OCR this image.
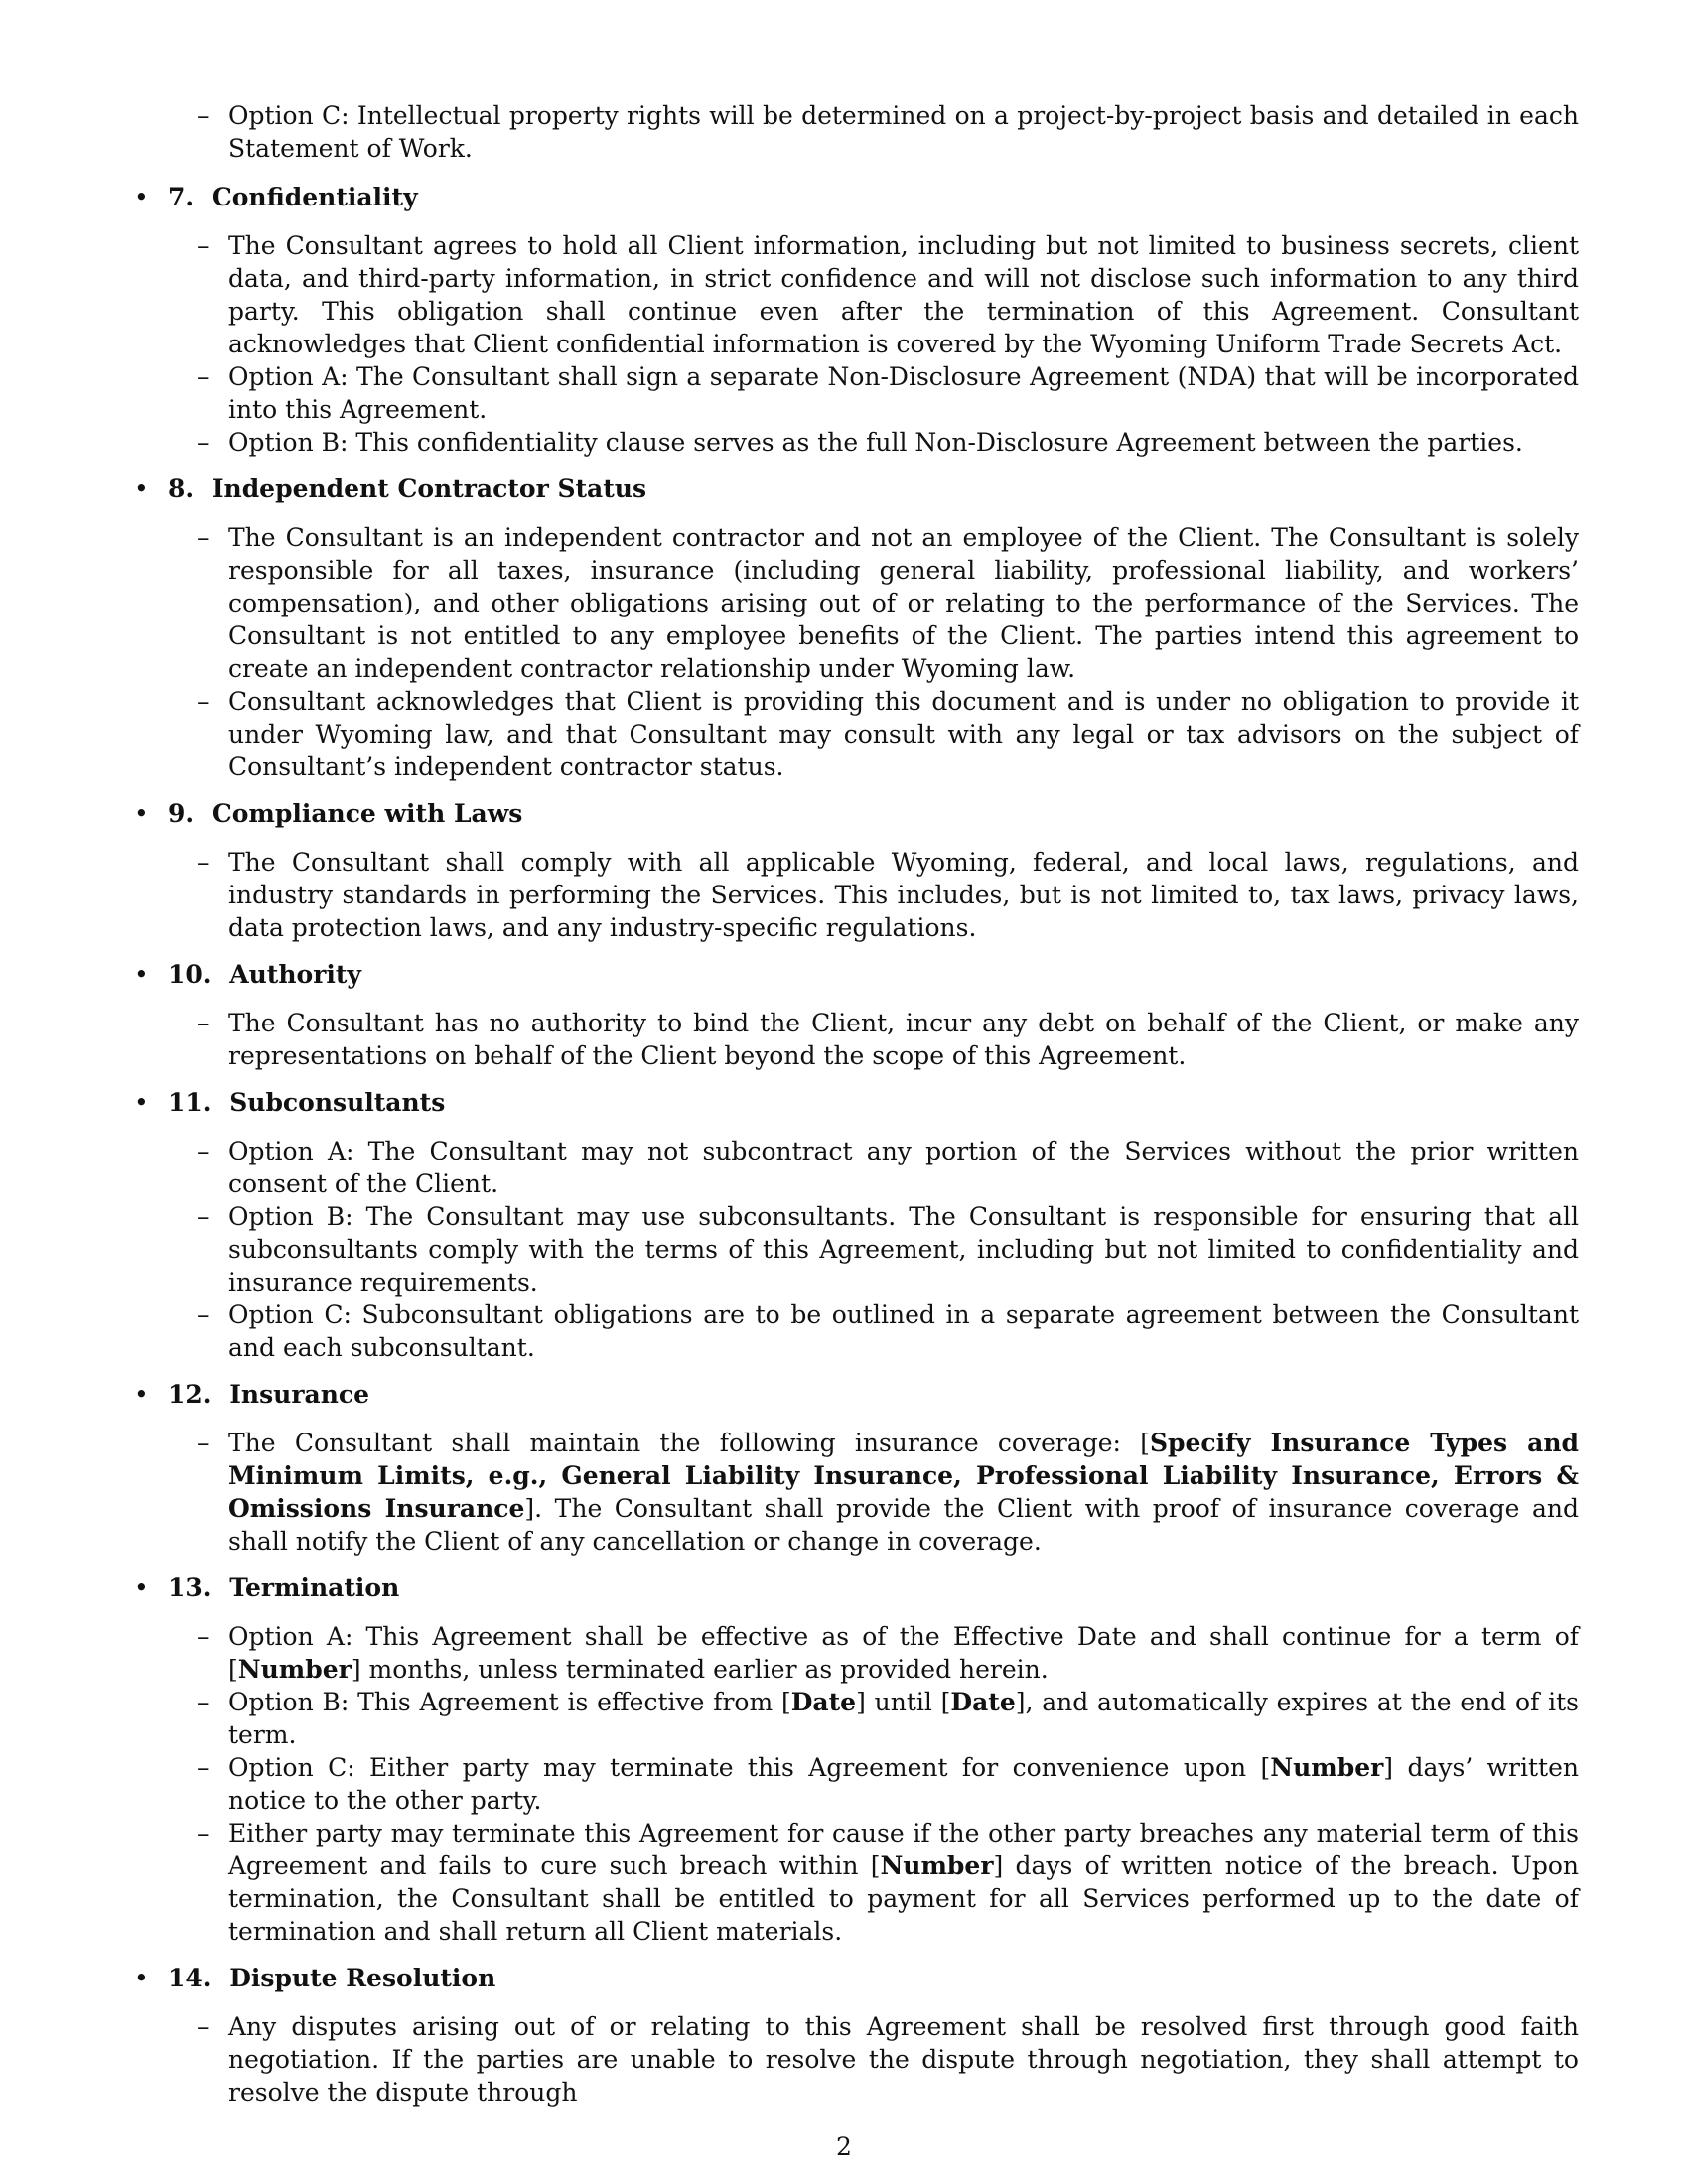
– Option C: Intellectual property rights will be determined on a project-by-project basis and detailed in each Statement of Work.
• 7. Confidentiality
– The Consultant agrees to hold all Client information, including but not limited to business secrets, client data, and third-party information, in strict confidence and will not disclose such information to any third party. This obligation shall continue even after the termination of this Agreement. Consultant acknowledges that Client confidential information is covered by the Wyoming Uniform Trade Secrets Act.
– Option A: The Consultant shall sign a separate Non-Disclosure Agreement (NDA) that will be incorporated into this Agreement.
– Option B: This confidentiality clause serves as the full Non-Disclosure Agreement between the parties.
• 8. Independent Contractor Status
– The Consultant is an independent contractor and not an employee of the Client. The Consultant is solely responsible for all taxes, insurance (including general liability, professional liability, and workers’ compensation), and other obligations arising out of or relating to the performance of the Services. The Consultant is not entitled to any employee benefits of the Client. The parties intend this agreement to create an independent contractor relationship under Wyoming law.
– Consultant acknowledges that Client is providing this document and is under no obligation to provide it under Wyoming law, and that Consultant may consult with any legal or tax advisors on the subject of Consultant’s independent contractor status.
• 9. Compliance with Laws
– The Consultant shall comply with all applicable Wyoming, federal, and local laws, regulations, and industry standards in performing the Services. This includes, but is not limited to, tax laws, privacy laws, data protection laws, and any industry-specific regulations.
• 10. Authority
– The Consultant has no authority to bind the Client, incur any debt on behalf of the Client, or make any representations on behalf of the Client beyond the scope of this Agreement.
• 11. Subconsultants
– Option A: The Consultant may not subcontract any portion of the Services without the prior written consent of the Client.
– Option B: The Consultant may use subconsultants. The Consultant is responsible for ensuring that all subconsultants comply with the terms of this Agreement, including but not limited to confidentiality and insurance requirements.
– Option C: Subconsultant obligations are to be outlined in a separate agreement between the Consultant and each subconsultant.
• 12. Insurance
– The Consultant shall maintain the following insurance coverage: [Specify Insurance Types and Minimum Limits, e.g., General Liability Insurance, Professional Liability Insurance, Errors & Omissions Insurance]. The Consultant shall provide the Client with proof of insurance coverage and shall notify the Client of any cancellation or change in coverage.
• 13. Termination
– Option A: This Agreement shall be effective as of the Effective Date and shall continue for a term of [Number] months, unless terminated earlier as provided herein.
– Option B: This Agreement is effective from [Date] until [Date], and automatically expires at the end of its term.
– Option C: Either party may terminate this Agreement for convenience upon [Number] days’ written notice to the other party.
– Either party may terminate this Agreement for cause if the other party breaches any material term of this Agreement and fails to cure such breach within [Number] days of written notice of the breach. Upon termination, the Consultant shall be entitled to payment for all Services performed up to the date of termination and shall return all Client materials.
• 14. Dispute Resolution
– Any disputes arising out of or relating to this Agreement shall be resolved first through good faith negotiation. If the parties are unable to resolve the dispute through negotiation, they shall attempt to resolve the dispute through
2
